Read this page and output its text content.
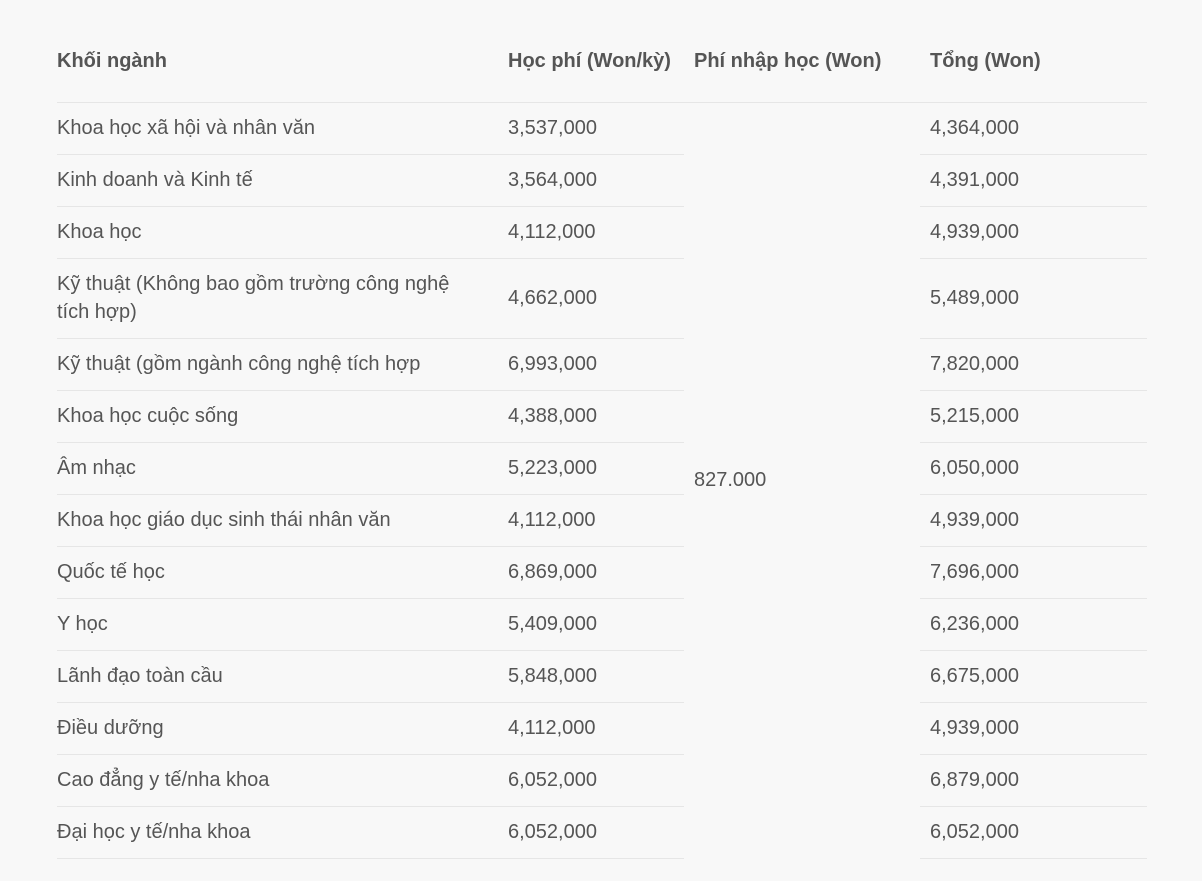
Khối ngành	Học phí (Won/kỳ)	Phí nhập học (Won)	Tổng (Won)
Khoa học xã hội và nhân văn	3,537,000	827.000	4,364,000
Kinh doanh và Kinh tế	3,564,000		4,391,000
Khoa học	4,112,000		4,939,000
Kỹ thuật (Không bao gồm trường công nghệ tích hợp)	4,662,000		5,489,000
Kỹ thuật (gồm ngành công nghệ tích hợp	6,993,000		7,820,000
Khoa học cuộc sống	4,388,000		5,215,000
Âm nhạc	5,223,000		6,050,000
Khoa học giáo dục sinh thái nhân văn	4,112,000		4,939,000
Quốc tế học	6,869,000		7,696,000
Y học	5,409,000		6,236,000
Lãnh đạo toàn cầu	5,848,000		6,675,000
Điều dưỡng	4,112,000		4,939,000
Cao đẳng y tế/nha khoa	6,052,000		6,879,000
Đại học y tế/nha khoa	6,052,000		6,052,000
